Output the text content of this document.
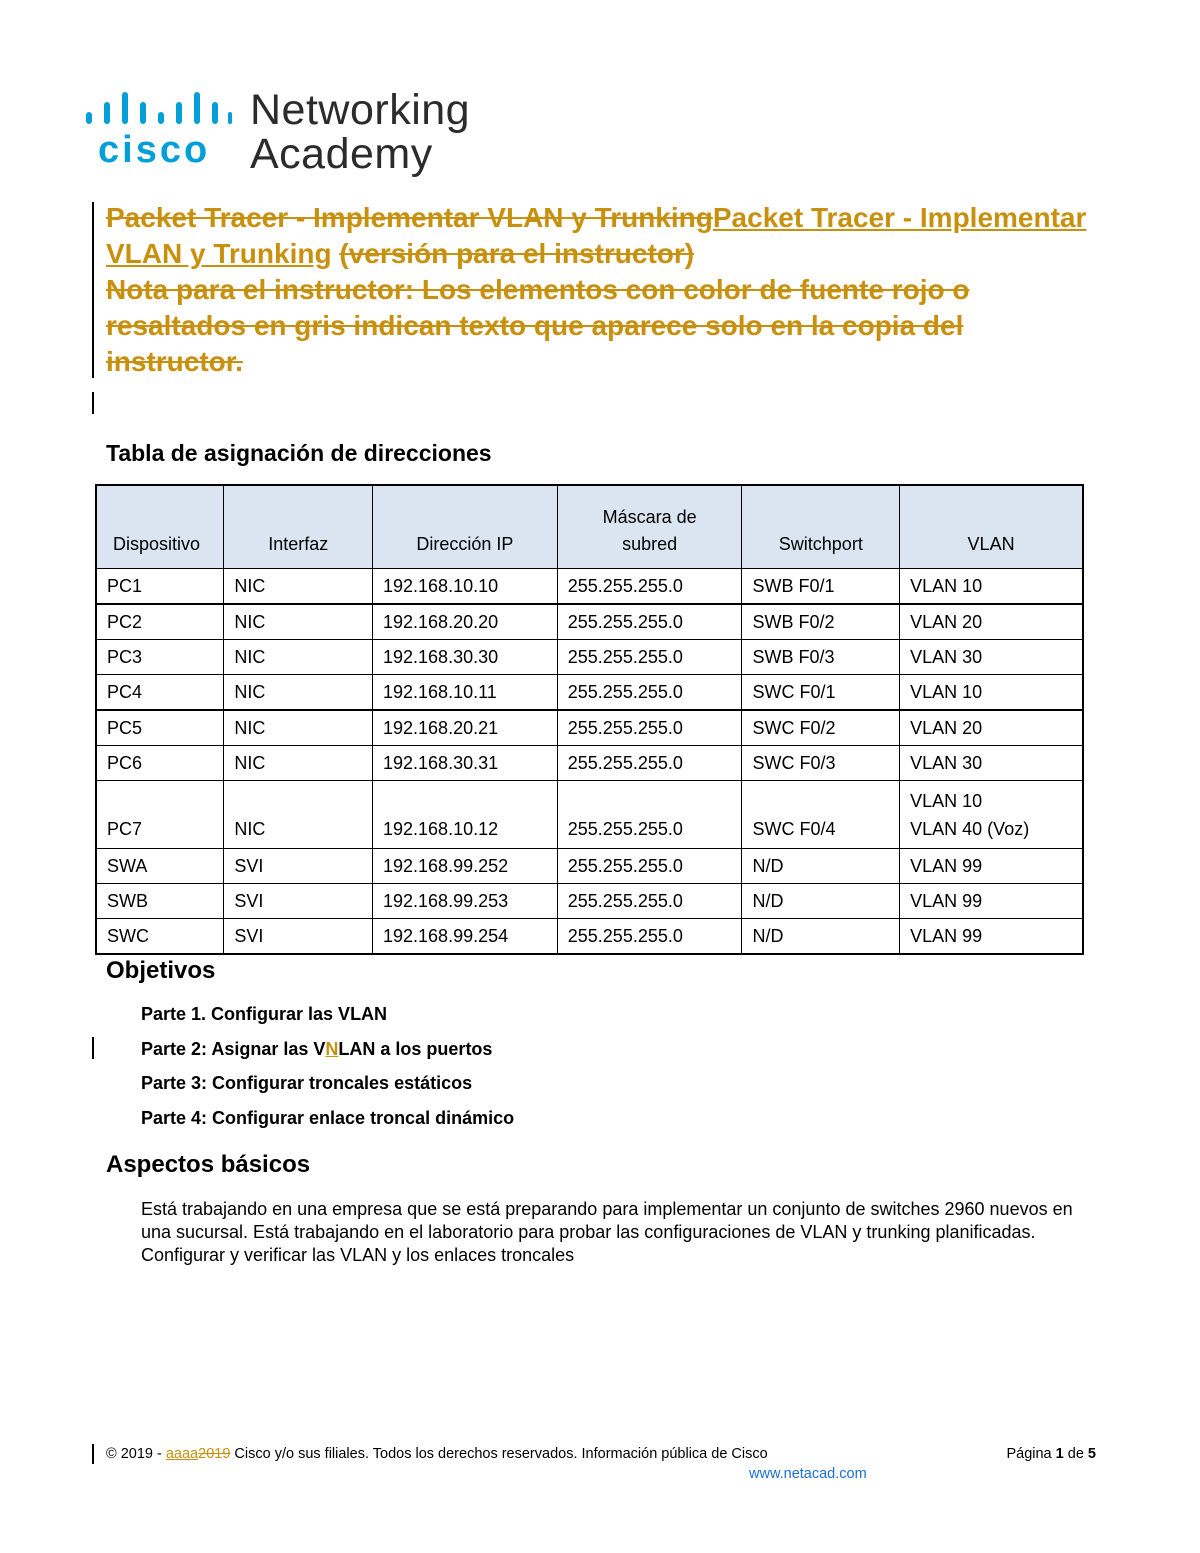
cisco
Networking
Academy
Packet Tracer - Implementar VLAN y TrunkingPacket Tracer - Implementar VLAN y Trunking (versión para el instructor)
Nota para el instructor: Los elementos con color de fuente rojo o resaltados en gris indican texto que aparece solo en la copia del instructor.
Tabla de asignación de direcciones
Dispositivo	Interfaz	Dirección IP	Máscara de subred	Switchport	VLAN
PC1	NIC	192.168.10.10	255.255.255.0	SWB F0/1	VLAN 10
PC2	NIC	192.168.20.20	255.255.255.0	SWB F0/2	VLAN 20
PC3	NIC	192.168.30.30	255.255.255.0	SWB F0/3	VLAN 30
PC4	NIC	192.168.10.11	255.255.255.0	SWC F0/1	VLAN 10
PC5	NIC	192.168.20.21	255.255.255.0	SWC F0/2	VLAN 20
PC6	NIC	192.168.30.31	255.255.255.0	SWC F0/3	VLAN 30
PC7	NIC	192.168.10.12	255.255.255.0	SWC F0/4	VLAN 10
VLAN 40 (Voz)

SWA	SVI	192.168.99.252	255.255.255.0	N/D	VLAN 99
SWB	SVI	192.168.99.253	255.255.255.0	N/D	VLAN 99
SWC	SVI	192.168.99.254	255.255.255.0	N/D	VLAN 99
Objetivos
Parte 1. Configurar las VLAN
Parte 2: Asignar las VNLAN a los puertos
Parte 3: Configurar troncales estáticos
Parte 4: Configurar enlace troncal dinámico
Aspectos básicos
Está trabajando en una empresa que se está preparando para implementar un conjunto de switches 2960 nuevos en una sucursal. Está trabajando en el laboratorio para probar las configuraciones de VLAN y trunking planificadas. Configurar y verificar las VLAN y los enlaces troncales
© 2019 - aaaa2019 Cisco y/o sus filiales. Todos los derechos reservados. Información pública de Cisco	Página 1 de 5
www.netacad.com
